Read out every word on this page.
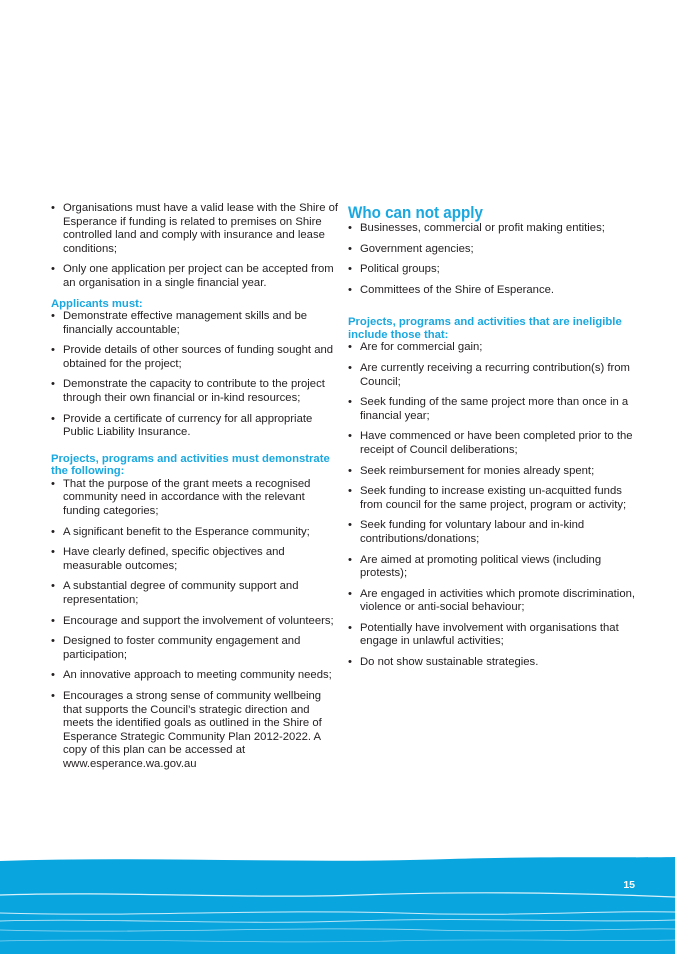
• Organisations must have a valid lease with the Shire of Esperance if funding is related to premises on Shire controlled land and comply with insurance and lease conditions;
• Only one application per project can be accepted from an organisation in a single financial year.
Applicants must:
• Demonstrate effective management skills and be financially accountable;
• Provide details of other sources of funding sought and obtained for the project;
• Demonstrate the capacity to contribute to the project through their own financial or in-kind resources;
• Provide a certificate of currency for all appropriate Public Liability Insurance.
Projects, programs and activities must demonstrate the following:
• That the purpose of the grant meets a recognised community need in accordance with the relevant funding categories;
• A significant benefit to the Esperance community;
• Have clearly defined, specific objectives and measurable outcomes;
• A substantial degree of community support and representation;
• Encourage and support the involvement of volunteers;
• Designed to foster community engagement and participation;
• An innovative approach to meeting community needs;
• Encourages a strong sense of community wellbeing that supports the Council’s strategic direction and meets the identified goals as outlined in the Shire of Esperance Strategic Community Plan 2012-2022. A copy of this plan can be accessed at www.esperance.wa.gov.au
Who can not apply
• Businesses, commercial or profit making entities;
• Government agencies;
• Political groups;
• Committees of the Shire of Esperance.
Projects, programs and activities that are ineligible include those that:
• Are for commercial gain;
• Are currently receiving a recurring contribution(s) from Council;
• Seek funding of the same project more than once in a financial year;
• Have commenced or have been completed prior to the receipt of Council deliberations;
• Seek reimbursement for monies already spent;
• Seek funding to increase existing un-acquitted funds from council for the same project, program or activity;
• Seek funding for voluntary labour and in-kind contributions/donations;
• Are aimed at promoting political views (including protests);
• Are engaged in activities which promote discrimination, violence or anti-social behaviour;
• Potentially have involvement with organisations that engage in unlawful activities;
• Do not show sustainable strategies.
15
